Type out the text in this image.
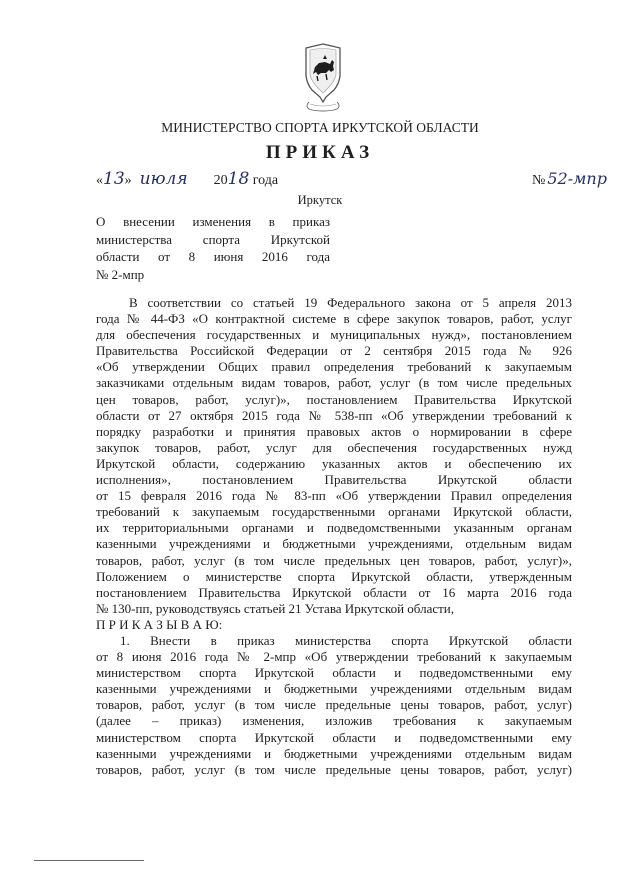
МИНИСТЕРСТВО СПОРТА ИРКУТСКОЙ ОБЛАСТИ
ПРИКАЗ
«13» июля 2018 года	№ 52-мпр
Иркутск
О внесении изменения в приказ
министерства спорта Иркутской
области от 8 июня 2016 года
№ 2-мпр
В соответствии со статьей 19 Федерального закона от 5 апреля 2013
года № 44-ФЗ «О контрактной системе в сфере закупок товаров, работ, услуг
для обеспечения государственных и муниципальных нужд», постановлением
Правительства Российской Федерации от 2 сентября 2015 года № 926
«Об утверждении Общих правил определения требований к закупаемым
заказчиками отдельным видам товаров, работ, услуг (в том числе предельных
цен товаров, работ, услуг)», постановлением Правительства Иркутской
области от 27 октября 2015 года № 538-пп «Об утверждении требований к
порядку разработки и принятия правовых актов о нормировании в сфере
закупок товаров, работ, услуг для обеспечения государственных нужд
Иркутской области, содержанию указанных актов и обеспечению их
исполнения», постановлением Правительства Иркутской области
от 15 февраля 2016 года № 83-пп «Об утверждении Правил определения
требований к закупаемым государственными органами Иркутской области,
их территориальными органами и подведомственными указанным органам
казенными учреждениями и бюджетными учреждениями, отдельным видам
товаров, работ, услуг (в том числе предельных цен товаров, работ, услуг)»,
Положением о министерстве спорта Иркутской области, утвержденным
постановлением Правительства Иркутской области от 16 марта 2016 года
№ 130-пп, руководствуясь статьей 21 Устава Иркутской области,
П Р И К А З Ы В А Ю:
1. Внести в приказ министерства спорта Иркутской области
от 8 июня 2016 года № 2-мпр «Об утверждении требований к закупаемым
министерством спорта Иркутской области и подведомственными ему
казенными учреждениями и бюджетными учреждениями отдельным видам
товаров, работ, услуг (в том числе предельные цены товаров, работ, услуг)
(далее – приказ) изменения, изложив требования к закупаемым
министерством спорта Иркутской области и подведомственными ему
казенными учреждениями и бюджетными учреждениями отдельным видам
товаров, работ, услуг (в том числе предельные цены товаров, работ, услуг)
